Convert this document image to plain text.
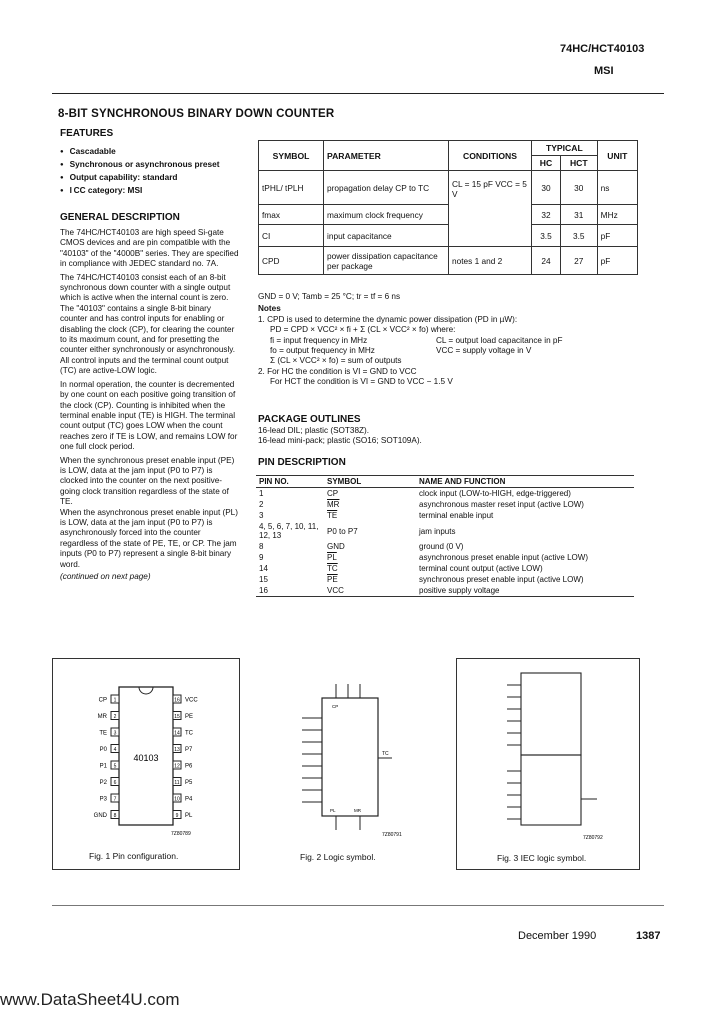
74HC/HCT40103
MSI
8-BIT SYNCHRONOUS BINARY DOWN COUNTER
FEATURES
● Cascadable
● Synchronous or asynchronous preset
● Output capability: standard
● I CC category: MSI
GENERAL DESCRIPTION

The 74HC/HCT40103 are high speed Si-gate CMOS devices and are pin compatible with the "40103" of the "4000B" series. They are specified in compliance with JEDEC standard no. 7A.

The 74HC/HCT40103 consist each of an 8-bit synchronous down counter with a single output which is active when the internal count is zero. The "40103" contains a single 8-bit binary counter and has control inputs for enabling or disabling the clock (CP), for clearing the counter to its maximum count, and for presetting the counter either synchronously or asynchronously. All control inputs and the terminal count output (TC) are active-LOW logic.

In normal operation, the counter is decremented by one count on each positive going transition of the clock (CP). Counting is inhibited when the terminal enable input (TE) is HIGH. The terminal count output (TC) goes LOW when the count reaches zero if TE is LOW, and remains LOW for one full clock period.

When the synchronous preset enable input (PE) is LOW, data at the jam input (P0 to P7) is clocked into the counter on the next positive-going clock transition regardless of the state of TE.

When the asynchronous preset enable input (PL) is LOW, data at the jam input (P0 to P7) is asynchronously forced into the counter regardless of the state of PE, TE, or CP. The jam inputs (P0 to P7) represent a single 8-bit binary word.

(continued on next page)

SYMBOL	PARAMETER	CONDITIONS	TYPICAL		UNIT
			HC	HCT	
tPHL/ tPLH	propagation delay CP to TC	CL = 15 pF VCC = 5 V	30	30	ns
fmax	maximum clock frequency		32	31	MHz
CI	input capacitance		3.5	3.5	pF
CPD	power dissipation capacitance per package	notes 1 and 2	24	27	pF
GND = 0 V; Tamb = 25 °C; tr = tf = 6 ns
Notes
1. CPD is used to determine the dynamic power dissipation (PD in µW):
PD = CPD × VCC² × fi + Σ (CL × VCC² × fo) where:
fi = input frequency in MHz	CL = output load capacitance in pF
fo = output frequency in MHz	VCC = supply voltage in V
Σ (CL × VCC² × fo) = sum of outputs
2. For HC the condition is VI = GND to VCC
For HCT the condition is VI = GND to VCC − 1.5 V
PACKAGE OUTLINES
16-lead DIL; plastic (SOT38Z).
16-lead mini-pack; plastic (SO16; SOT109A).
PIN DESCRIPTION
PIN NO.	SYMBOL	NAME AND FUNCTION
1	CP	clock input (LOW-to-HIGH, edge-triggered)
2	$\overline{MR}$	asynchronous master reset input (active LOW)
3	$\overline{TE}$	terminal enable input
4, 5, 6, 7, 10, 11, 12, 13	P0 to P7	jam inputs
8	GND	ground (0 V)
9	$\overline{PL}$	asynchronous preset enable input (active LOW)
14	$\overline{TC}$	terminal count output (active LOW)
15	$\overline{PE}$	synchronous preset enable input (active LOW)
16	VCC	positive supply voltage
40103
1
CP
2
MR
3
TE
4
P0
5
P1
6
P2
7
P3
8
GND
16 VCC
15 PE
14 TC
13 P7
12 P6
11 P5
10 P4
9 PL
7Z80789
Fig. 1 Pin configuration.
TC
CP
PL	MR
7Z80791
Fig. 2 Logic symbol.
7Z80792
Fig. 3 IEC logic symbol.
December 1990	1387
www.DataSheet4U.com
